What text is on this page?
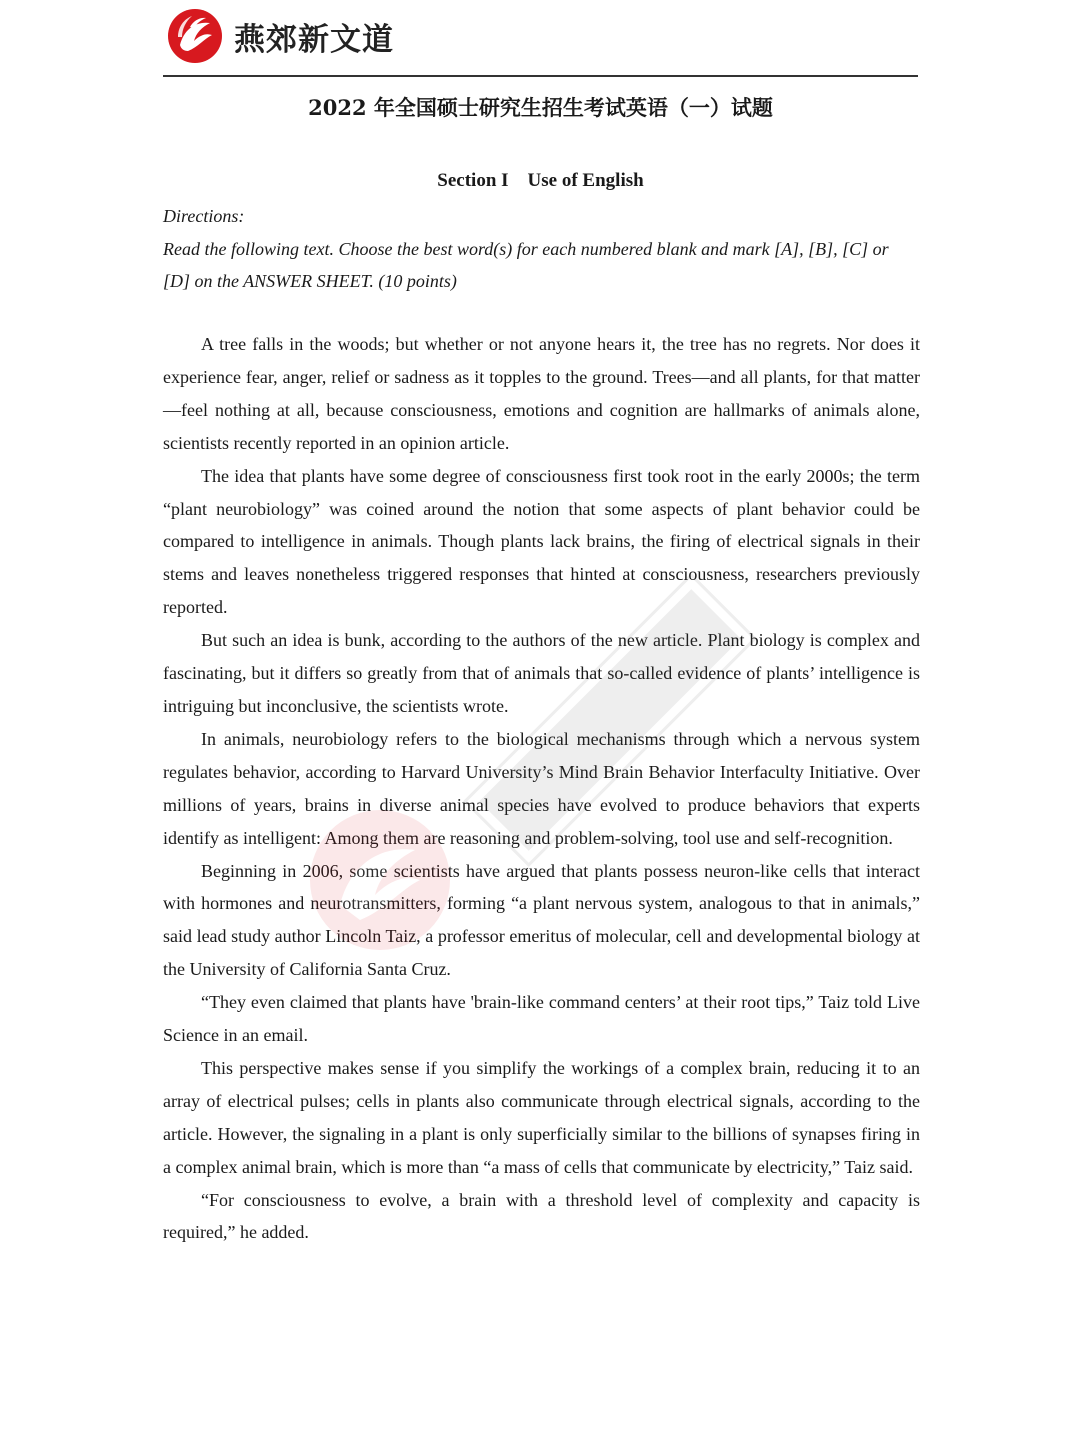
燕郊新文道
2022 年全国硕士研究生招生考试英语（一）试题
Section I    Use of English

Directions:

Read the following text. Choose the best word(s) for each numbered blank and mark [A], [B], [C] or [D] on the ANSWER SHEET. (10 points)

A tree falls in the woods; but whether or not anyone hears it, the tree has no regrets. Nor does it experience fear, anger, relief or sadness as it topples to the ground. Trees—and all plants, for that matter—feel nothing at all, because consciousness, emotions and cognition are hallmarks of animals alone, scientists recently reported in an opinion article.

The idea that plants have some degree of consciousness first took root in the early 2000s; the term “plant neurobiology” was coined around the notion that some aspects of plant behavior could be compared to intelligence in animals. Though plants lack brains, the firing of electrical signals in their stems and leaves nonetheless triggered responses that hinted at consciousness, researchers previously reported.

But such an idea is bunk, according to the authors of the new article. Plant biology is complex and fascinating, but it differs so greatly from that of animals that so-called evidence of plants’ intelligence is intriguing but inconclusive, the scientists wrote.

In animals, neurobiology refers to the biological mechanisms through which a nervous system regulates behavior, according to Harvard University’s Mind Brain Behavior Interfaculty Initiative. Over millions of years, brains in diverse animal species have evolved to produce behaviors that experts identify as intelligent: Among them are reasoning and problem-solving, tool use and self-recognition.

Beginning in 2006, some scientists have argued that plants possess neuron-like cells that interact with hormones and neurotransmitters, forming “a plant nervous system, analogous to that in animals,” said lead study author Lincoln Taiz, a professor emeritus of molecular, cell and developmental biology at the University of California Santa Cruz.

“They even claimed that plants have 'brain-like command centers’ at their root tips,” Taiz told Live Science in an email.

This perspective makes sense if you simplify the workings of a complex brain, reducing it to an array of electrical pulses; cells in plants also communicate through electrical signals, according to the article. However, the signaling in a plant is only superficially similar to the billions of synapses firing in a complex animal brain, which is more than “a mass of cells that communicate by electricity,” Taiz said.

“For consciousness to evolve, a brain with a threshold level of complexity and capacity is required,” he added.
